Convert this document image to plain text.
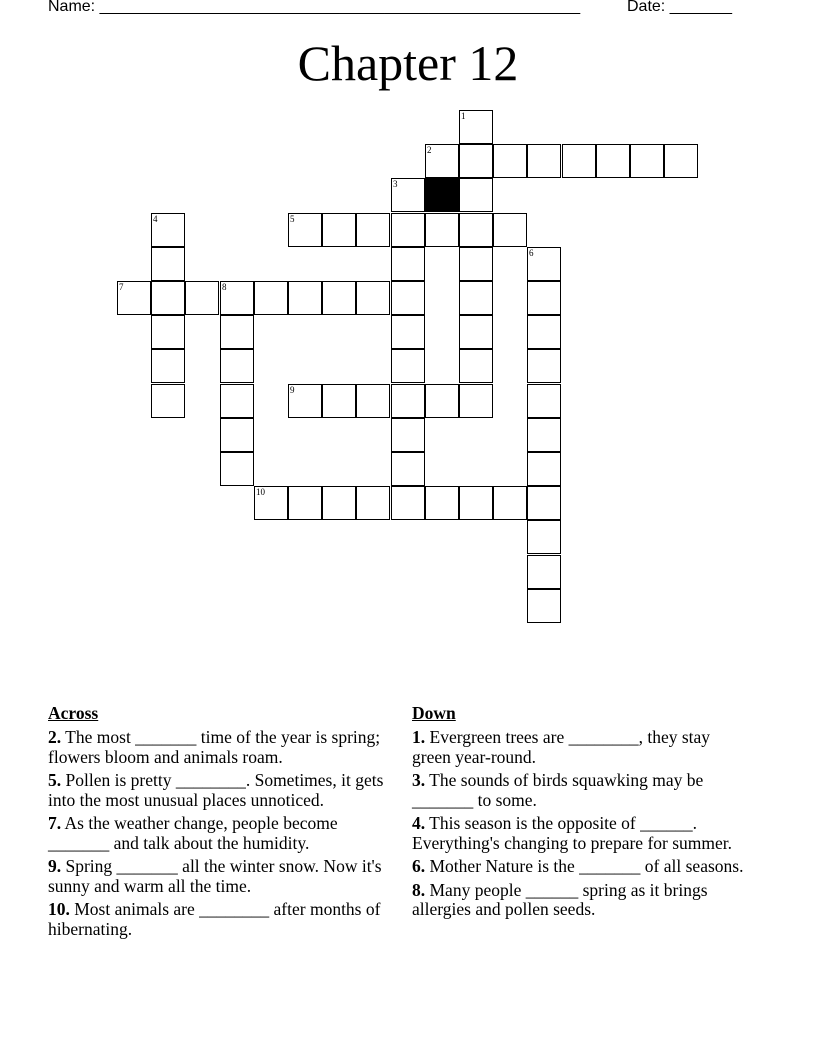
Name: ______________________________________________________	Date: _______
Chapter 12
1
2
3
4	5
6
7	8
9
10
Across
2. The most _______ time of the year is spring; flowers bloom and animals roam.
5. Pollen is pretty ________. Sometimes, it gets into the most unusual places unnoticed.
7. As the weather change, people become _______ and talk about the humidity.
9. Spring _______ all the winter snow. Now it's sunny and warm all the time.
10. Most animals are ________ after months of hibernating.
Down
1. Evergreen trees are ________, they stay green year-round.
3. The sounds of birds squawking may be _______ to some.
4. This season is the opposite of ______. Everything's changing to prepare for summer.
6. Mother Nature is the _______ of all seasons.
8. Many people ______ spring as it brings allergies and pollen seeds.
